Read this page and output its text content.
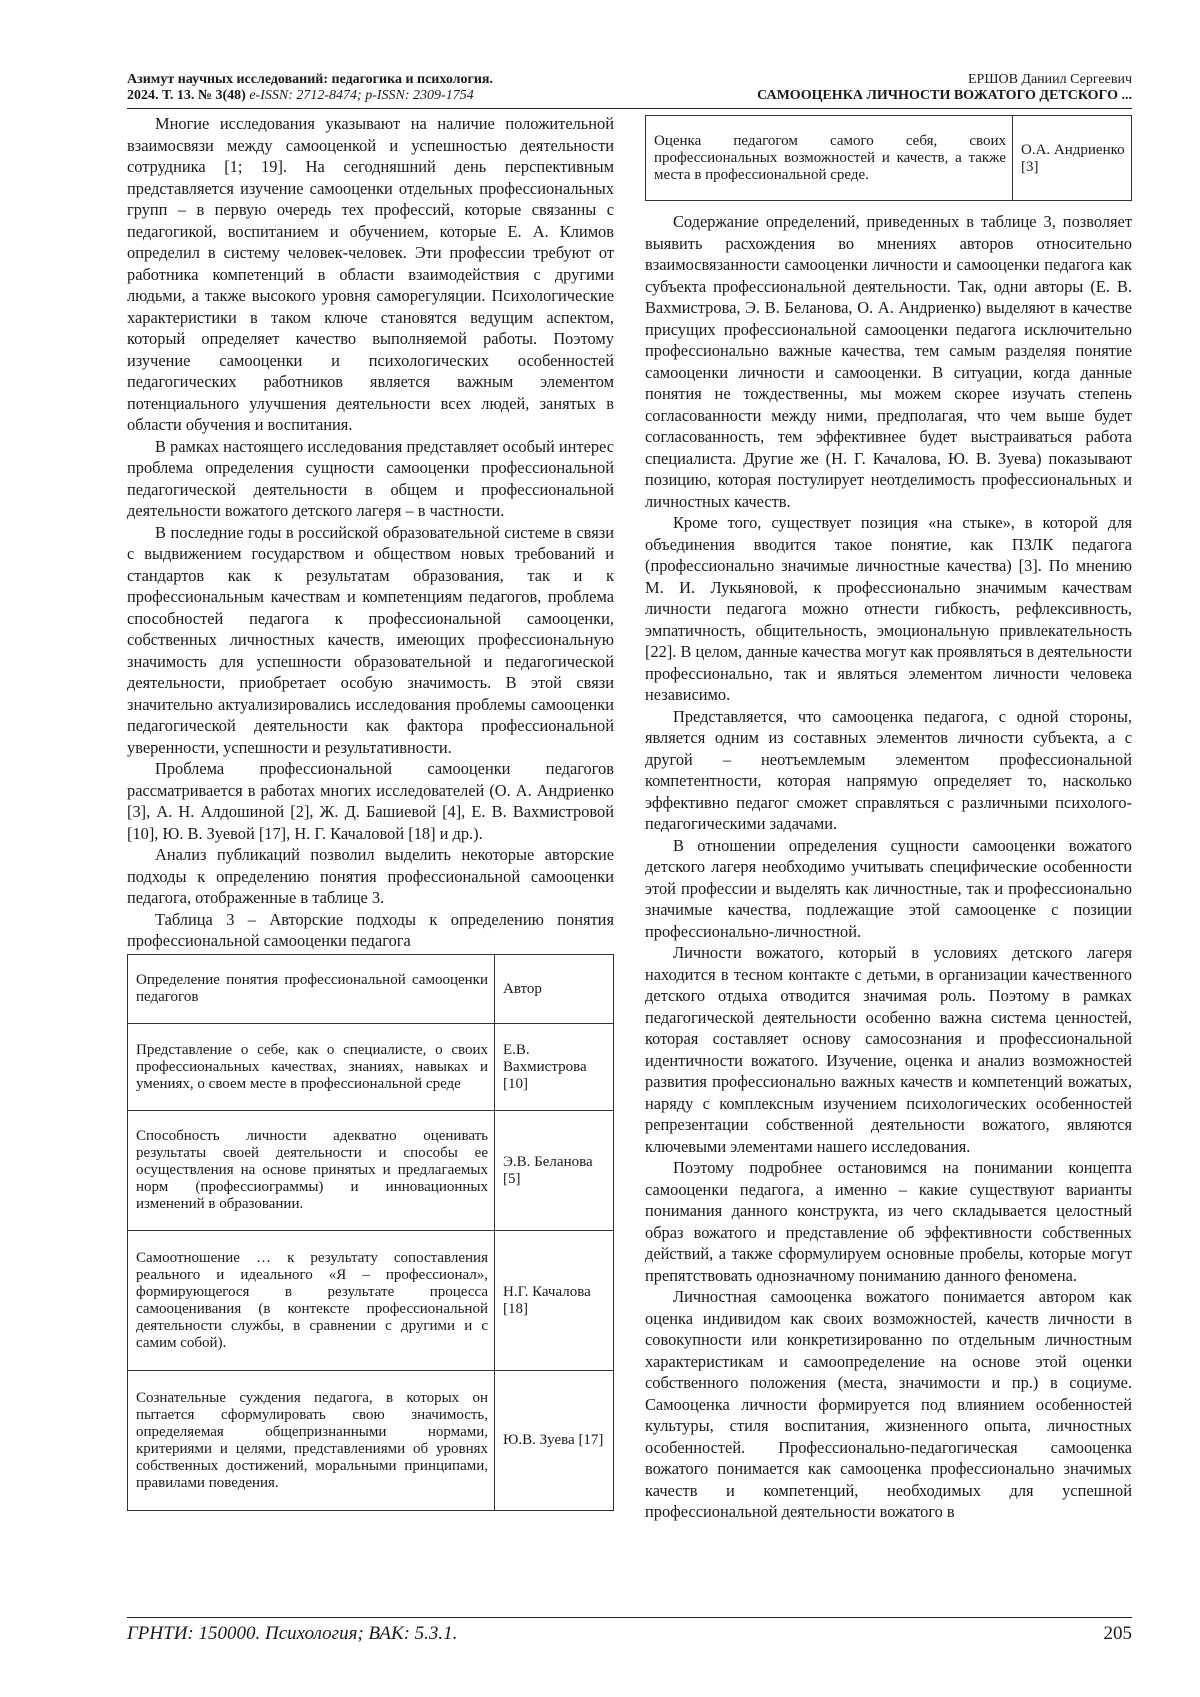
Азимут научных исследований: педагогика и психология.
2024. Т. 13. № 3(48) e-ISSN: 2712-8474; p-ISSN: 2309-1754
ЕРШОВ Даниил Сергеевич
САМООЦЕНКА ЛИЧНОСТИ ВОЖАТОГО ДЕТСКОГО ...

Многие исследования указывают на наличие положительной взаимосвязи между самооценкой и успешностью деятельности сотрудника [1; 19]. На сегодняшний день перспективным представляется изучение самооценки отдельных профессиональных групп – в первую очередь тех профессий, которые связанны с педагогикой, воспитанием и обучением, которые Е. А. Климов определил в систему человек-человек. Эти профессии требуют от работника компетенций в области взаимодействия с другими людьми, а также высокого уровня саморегуляции. Психологические характеристики в таком ключе становятся ведущим аспектом, который определяет качество выполняемой работы. Поэтому изучение самооценки и психологических особенностей педагогических работников является важным элементом потенциального улучшения деятельности всех людей, занятых в области обучения и воспитания.

В рамках настоящего исследования представляет особый интерес проблема определения сущности самооценки профессиональной педагогической деятельности в общем и профессиональной деятельности вожатого детского лагеря – в частности.

В последние годы в российской образовательной системе в связи с выдвижением государством и обществом новых требований и стандартов как к результатам образования, так и к профессиональным качествам и компетенциям педагогов, проблема способностей педагога к профессиональной самооценки, собственных личностных качеств, имеющих профессиональную значимость для успешности образовательной и педагогической деятельности, приобретает особую значимость. В этой связи значительно актуализировались исследования проблемы самооценки педагогической деятельности как фактора профессиональной уверенности, успешности и результативности.

Проблема профессиональной самооценки педагогов рассматривается в работах многих исследователей (О. А. Андриенко [3], А. Н. Алдошиной [2], Ж. Д. Башиевой [4], Е. В. Вахмистровой [10], Ю. В. Зуевой [17], Н. Г. Качаловой [18] и др.).

Анализ публикаций позволил выделить некоторые авторские подходы к определению понятия профессиональной самооценки педагога, отображенные в таблице 3.

Таблица 3 – Авторские подходы к определению понятия профессиональной самооценки педагога

Определение понятия профессиональной самооценки педагогов	Автор
Представление о себе, как о специалисте, о своих профессиональных качествах, знаниях, навыках и умениях, о своем месте в профессиональной среде	Е.В. Вахмистрова [10]
Способность личности адекватно оценивать результаты своей деятельности и способы ее осуществления на основе принятых и предлагаемых норм (профессиограммы) и инновационных изменений в образовании.	Э.В. Беланова [5]
Самоотношение … к результату сопоставления реального и идеального «Я – профессионал», формирующегося в результате процесса самооценивания (в контексте профессиональной деятельности службы, в сравнении с другими и с самим собой).	Н.Г. Качалова [18]
Сознательные суждения педагога, в которых он пытается сформулировать свою значимость, определяемая общепризнанными нормами, критериями и целями, представлениями об уровнях собственных достижений, моральными принципами, правилами поведения.	Ю.В. Зуева [17]
Оценка педагогом самого себя, своих профессиональных возможностей и качеств, а также места в профессиональной среде.	О.А. Андриенко [3]

Содержание определений, приведенных в таблице 3, позволяет выявить расхождения во мнениях авторов относительно взаимосвязанности самооценки личности и самооценки педагога как субъекта профессиональной деятельности. Так, одни авторы (Е. В. Вахмистрова, Э. В. Беланова, О. А. Андриенко) выделяют в качестве присущих профессиональной самооценки педагога исключительно профессионально важные качества, тем самым разделяя понятие самооценки личности и самооценки. В ситуации, когда данные понятия не тождественны, мы можем скорее изучать степень согласованности между ними, предполагая, что чем выше будет согласованность, тем эффективнее будет выстраиваться работа специалиста. Другие же (Н. Г. Качалова, Ю. В. Зуева) показывают позицию, которая постулирует неотделимость профессиональных и личностных качеств.

Кроме того, существует позиция «на стыке», в которой для объединения вводится такое понятие, как ПЗЛК педагога (профессионально значимые личностные качества) [3]. По мнению М. И. Лукьяновой, к профессионально значимым качествам личности педагога можно отнести гибкость, рефлексивность, эмпатичность, общительность, эмоциональную привлекательность [22]. В целом, данные качества могут как проявляться в деятельности профессионально, так и являться элементом личности человека независимо.

Представляется, что самооценка педагога, с одной стороны, является одним из составных элементов личности субъекта, а с другой – неотъемлемым элементом профессиональной компетентности, которая напрямую определяет то, насколько эффективно педагог сможет справляться с различными психолого-педагогическими задачами.

В отношении определения сущности самооценки вожатого детского лагеря необходимо учитывать специфические особенности этой профессии и выделять как личностные, так и профессионально значимые качества, подлежащие этой самооценке с позиции профессионально-личностной.

Личности вожатого, который в условиях детского лагеря находится в тесном контакте с детьми, в организации качественного детского отдыха отводится значимая роль. Поэтому в рамках педагогической деятельности особенно важна система ценностей, которая составляет основу самосознания и профессиональной идентичности вожатого. Изучение, оценка и анализ возможностей развития профессионально важных качеств и компетенций вожатых, наряду с комплексным изучением психологических особенностей репрезентации собственной деятельности вожатого, являются ключевыми элементами нашего исследования.

Поэтому подробнее остановимся на понимании концепта самооценки педагога, а именно – какие существуют варианты понимания данного конструкта, из чего складывается целостный образ вожатого и представление об эффективности собственных действий, а также сформулируем основные пробелы, которые могут препятствовать однозначному пониманию данного феномена.

Личностная самооценка вожатого понимается автором как оценка индивидом как своих возможностей, качеств личности в совокупности или конкретизированно по отдельным личностным характеристикам и самоопределение на основе этой оценки собственного положения (места, значимости и пр.) в социуме. Самооценка личности формируется под влиянием особенностей культуры, стиля воспитания, жизненного опыта, личностных особенностей. Профессионально-педагогическая самооценка вожатого понимается как самооценка профессионально значимых качеств и компетенций, необходимых для успешной профессиональной деятельности вожатого в

ГРНТИ: 150000. Психология; ВАК: 5.3.1.	205
